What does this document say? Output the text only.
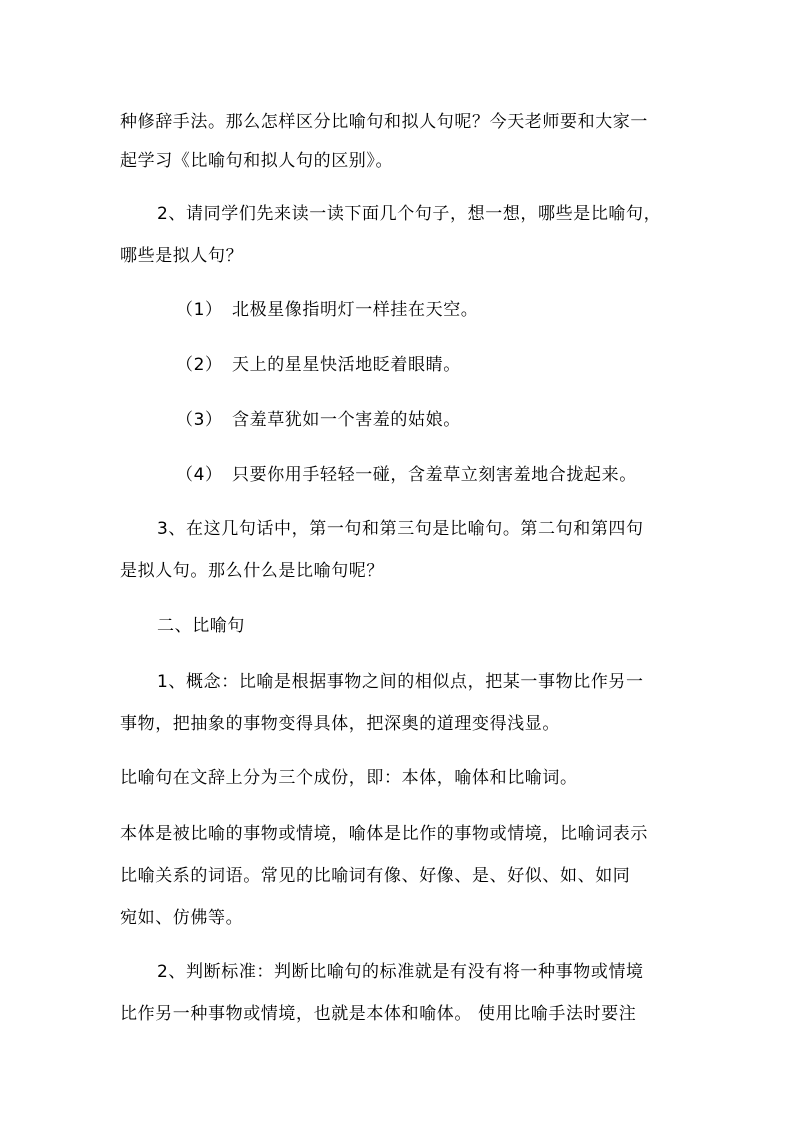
种修辞手法。那么怎样区分比喻句和拟人句呢？今天老师要和大家一
起学习《比喻句和拟人句的区别》。
2、请同学们先来读一读下面几个句子，想一想，哪些是比喻句，
哪些是拟人句？
（1） 北极星像指明灯一样挂在天空。
（2） 天上的星星快活地眨着眼睛。
（3） 含羞草犹如一个害羞的姑娘。
（4） 只要你用手轻轻一碰，含羞草立刻害羞地合拢起来。
3、在这几句话中，第一句和第三句是比喻句。第二句和第四句
是拟人句。那么什么是比喻句呢？
二、比喻句
1、概念：比喻是根据事物之间的相似点，把某一事物比作另一
事物，把抽象的事物变得具体，把深奥的道理变得浅显。
比喻句在文辞上分为三个成份，即：本体，喻体和比喻词。
本体是被比喻的事物或情境，喻体是比作的事物或情境，比喻词表示
比喻关系的词语。常见的比喻词有像、好像、是、好似、如、如同
宛如、仿佛等。
2、判断标准：判断比喻句的标准就是有没有将一种事物或情境
比作另一种事物或情境，也就是本体和喻体。 使用比喻手法时要注
